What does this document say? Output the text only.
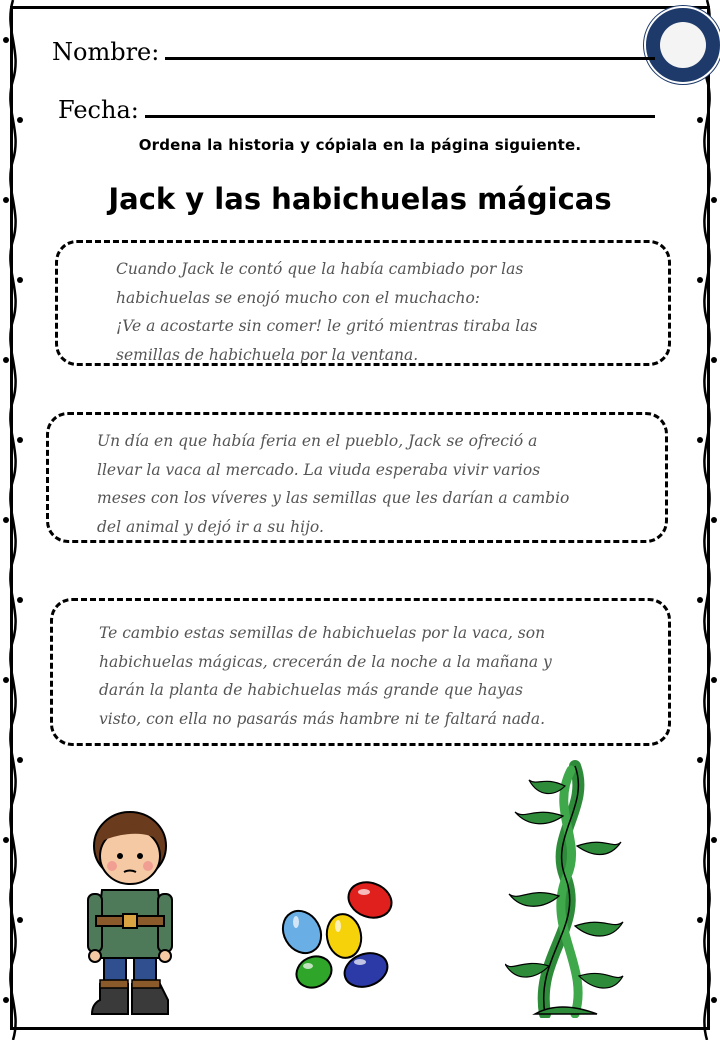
Nombre:
Fecha:
Ordena la historia y cópiala en la página siguiente.
Jack y las habichuelas mágicas
Cuando Jack le contó que la había cambiado por las
habichuelas se enojó mucho con el muchacho:
¡Ve a acostarte sin comer! le gritó mientras tiraba las
semillas de habichuela por la ventana.
Un día en que había feria en el pueblo, Jack se ofreció a
llevar la vaca al mercado. La viuda esperaba vivir varios
meses con los víveres y las semillas que les darían a cambio
del animal y dejó ir a su hijo.
Te cambio estas semillas de habichuelas por la vaca, son
habichuelas mágicas, crecerán de la noche a la mañana y
darán la planta de habichuelas más grande que hayas
visto, con ella no pasarás más hambre ni te faltará nada.
